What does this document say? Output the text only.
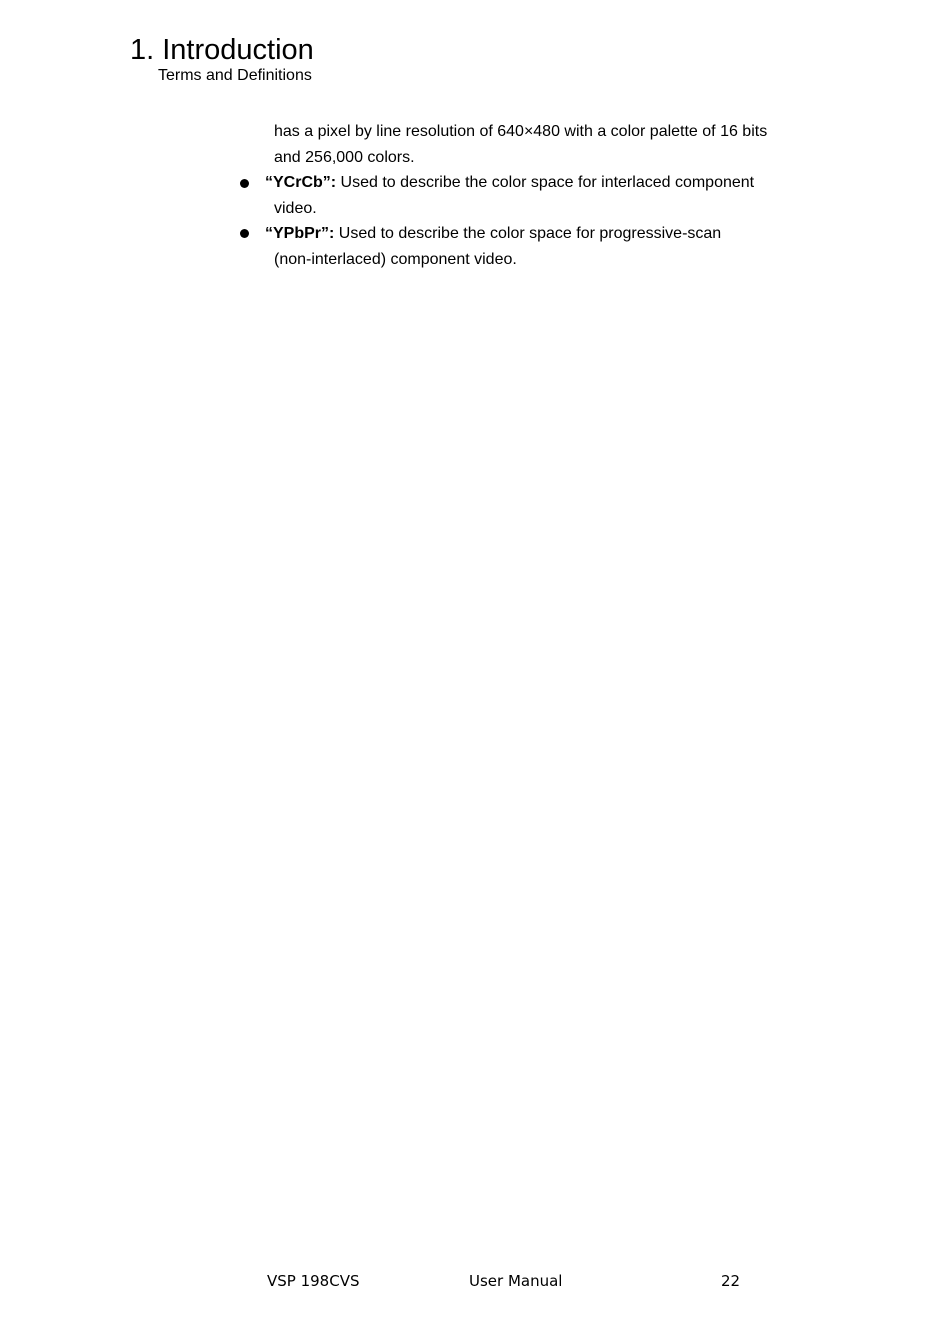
1. Introduction
Terms and Definitions
has a pixel by line resolution of 640×480 with a color palette of 16 bits
and 256,000 colors.
“YCrCb”: Used to describe the color space for interlaced component
video.
“YPbPr”: Used to describe the color space for progressive-scan
(non-interlaced) component video.
VSP 198CVS	User Manual	22
